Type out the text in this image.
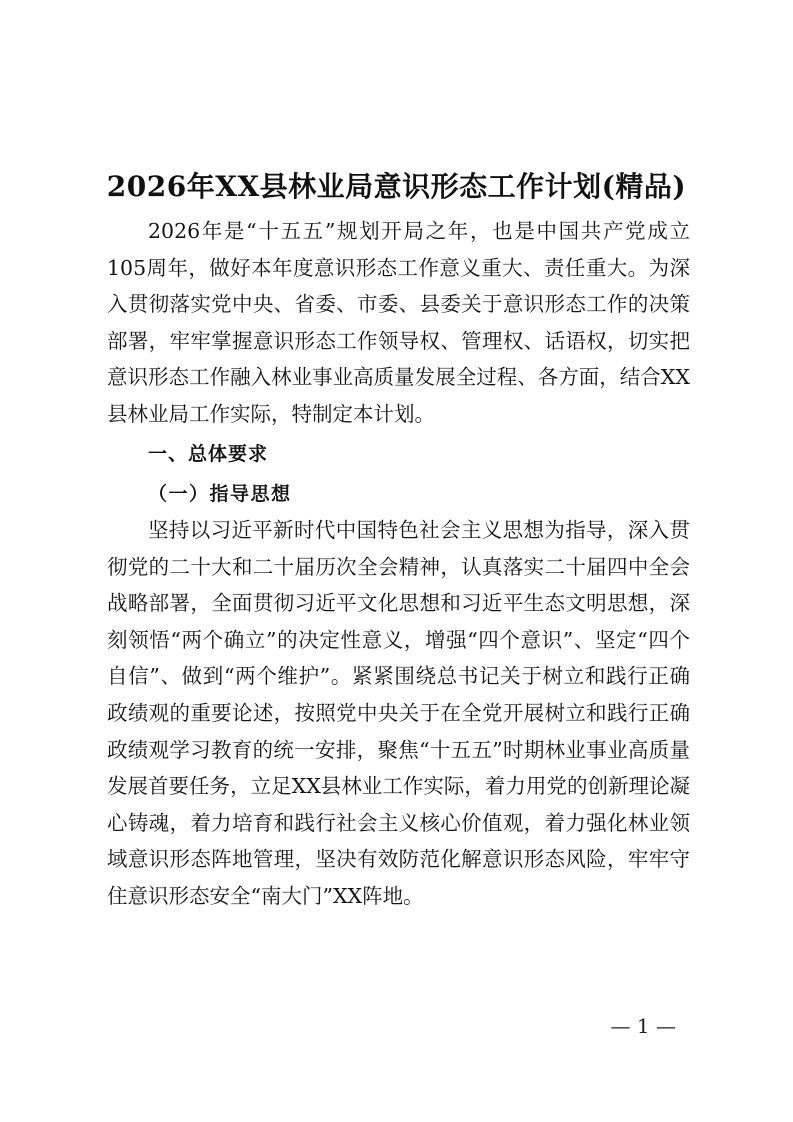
2026年XX县林业局意识形态工作计划(精品)

2026年是“十五五”规划开局之年，也是中国共产党成立105周年，做好本年度意识形态工作意义重大、责任重大。为深入贯彻落实党中央、省委、市委、县委关于意识形态工作的决策部署，牢牢掌握意识形态工作领导权、管理权、话语权，切实把意识形态工作融入林业事业高质量发展全过程、各方面，结合XX县林业局工作实际，特制定本计划。

一、总体要求
（一）指导思想

坚持以习近平新时代中国特色社会主义思想为指导，深入贯彻党的二十大和二十届历次全会精神，认真落实二十届四中全会战略部署，全面贯彻习近平文化思想和习近平生态文明思想，深刻领悟“两个确立”的决定性意义，增强“四个意识”、坚定“四个自信”、做到“两个维护”。紧紧围绕总书记关于树立和践行正确政绩观的重要论述，按照党中央关于在全党开展树立和践行正确政绩观学习教育的统一安排，聚焦“十五五”时期林业事业高质量发展首要任务，立足XX县林业工作实际，着力用党的创新理论凝心铸魂，着力培育和践行社会主义核心价值观，着力强化林业领域意识形态阵地管理，坚决有效防范化解意识形态风险，牢牢守住意识形态安全“南大门”XX阵地。

— 1 —
